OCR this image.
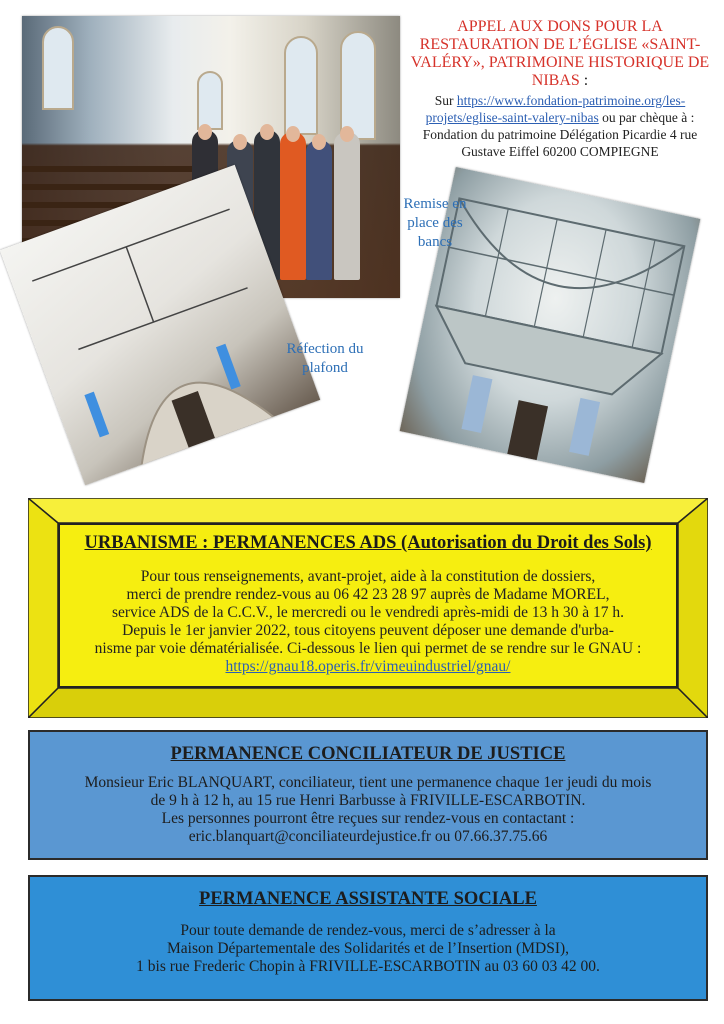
Remise en place des bancs
Réfection du plafond
APPEL AUX DONS POUR LA RESTAURATION DE L’ÉGLISE «SAINT-VALÉRY», PATRIMOINE HISTORIQUE DE NIBAS :
Sur https://www.fondation-patrimoine.org/les-projets/eglise-saint-valery-nibas ou par chèque à : Fondation du patrimoine Délégation Picardie 4 rue Gustave Eiffel 60200 COMPIEGNE
URBANISME : PERMANENCES ADS (Autorisation du Droit des Sols)
Pour tous renseignements, avant-projet, aide à la constitution de dossiers,
merci de prendre rendez-vous au 06 42 23 28 97 auprès de Madame MOREL,
service ADS de la C.C.V., le mercredi ou le vendredi après-midi de 13 h 30 à 17 h.
Depuis le 1er janvier 2022, tous citoyens peuvent déposer une demande d'urba-
nisme par voie dématérialisée. Ci-dessous le lien qui permet de se rendre sur le GNAU :
https://gnau18.operis.fr/vimeuindustriel/gnau/
PERMANENCE CONCILIATEUR DE JUSTICE
Monsieur Eric BLANQUART, conciliateur, tient une permanence chaque 1er jeudi du mois
de 9 h à 12 h, au 15 rue Henri Barbusse à FRIVILLE-ESCARBOTIN.
Les personnes pourront être reçues sur rendez-vous en contactant :
eric.blanquart@conciliateurdejustice.fr ou 07.66.37.75.66
PERMANENCE ASSISTANTE SOCIALE
Pour toute demande de rendez-vous, merci de s’adresser à la
Maison Départementale des Solidarités et de l’Insertion (MDSI),
1 bis rue Frederic Chopin à FRIVILLE-ESCARBOTIN au 03 60 03 42 00.
